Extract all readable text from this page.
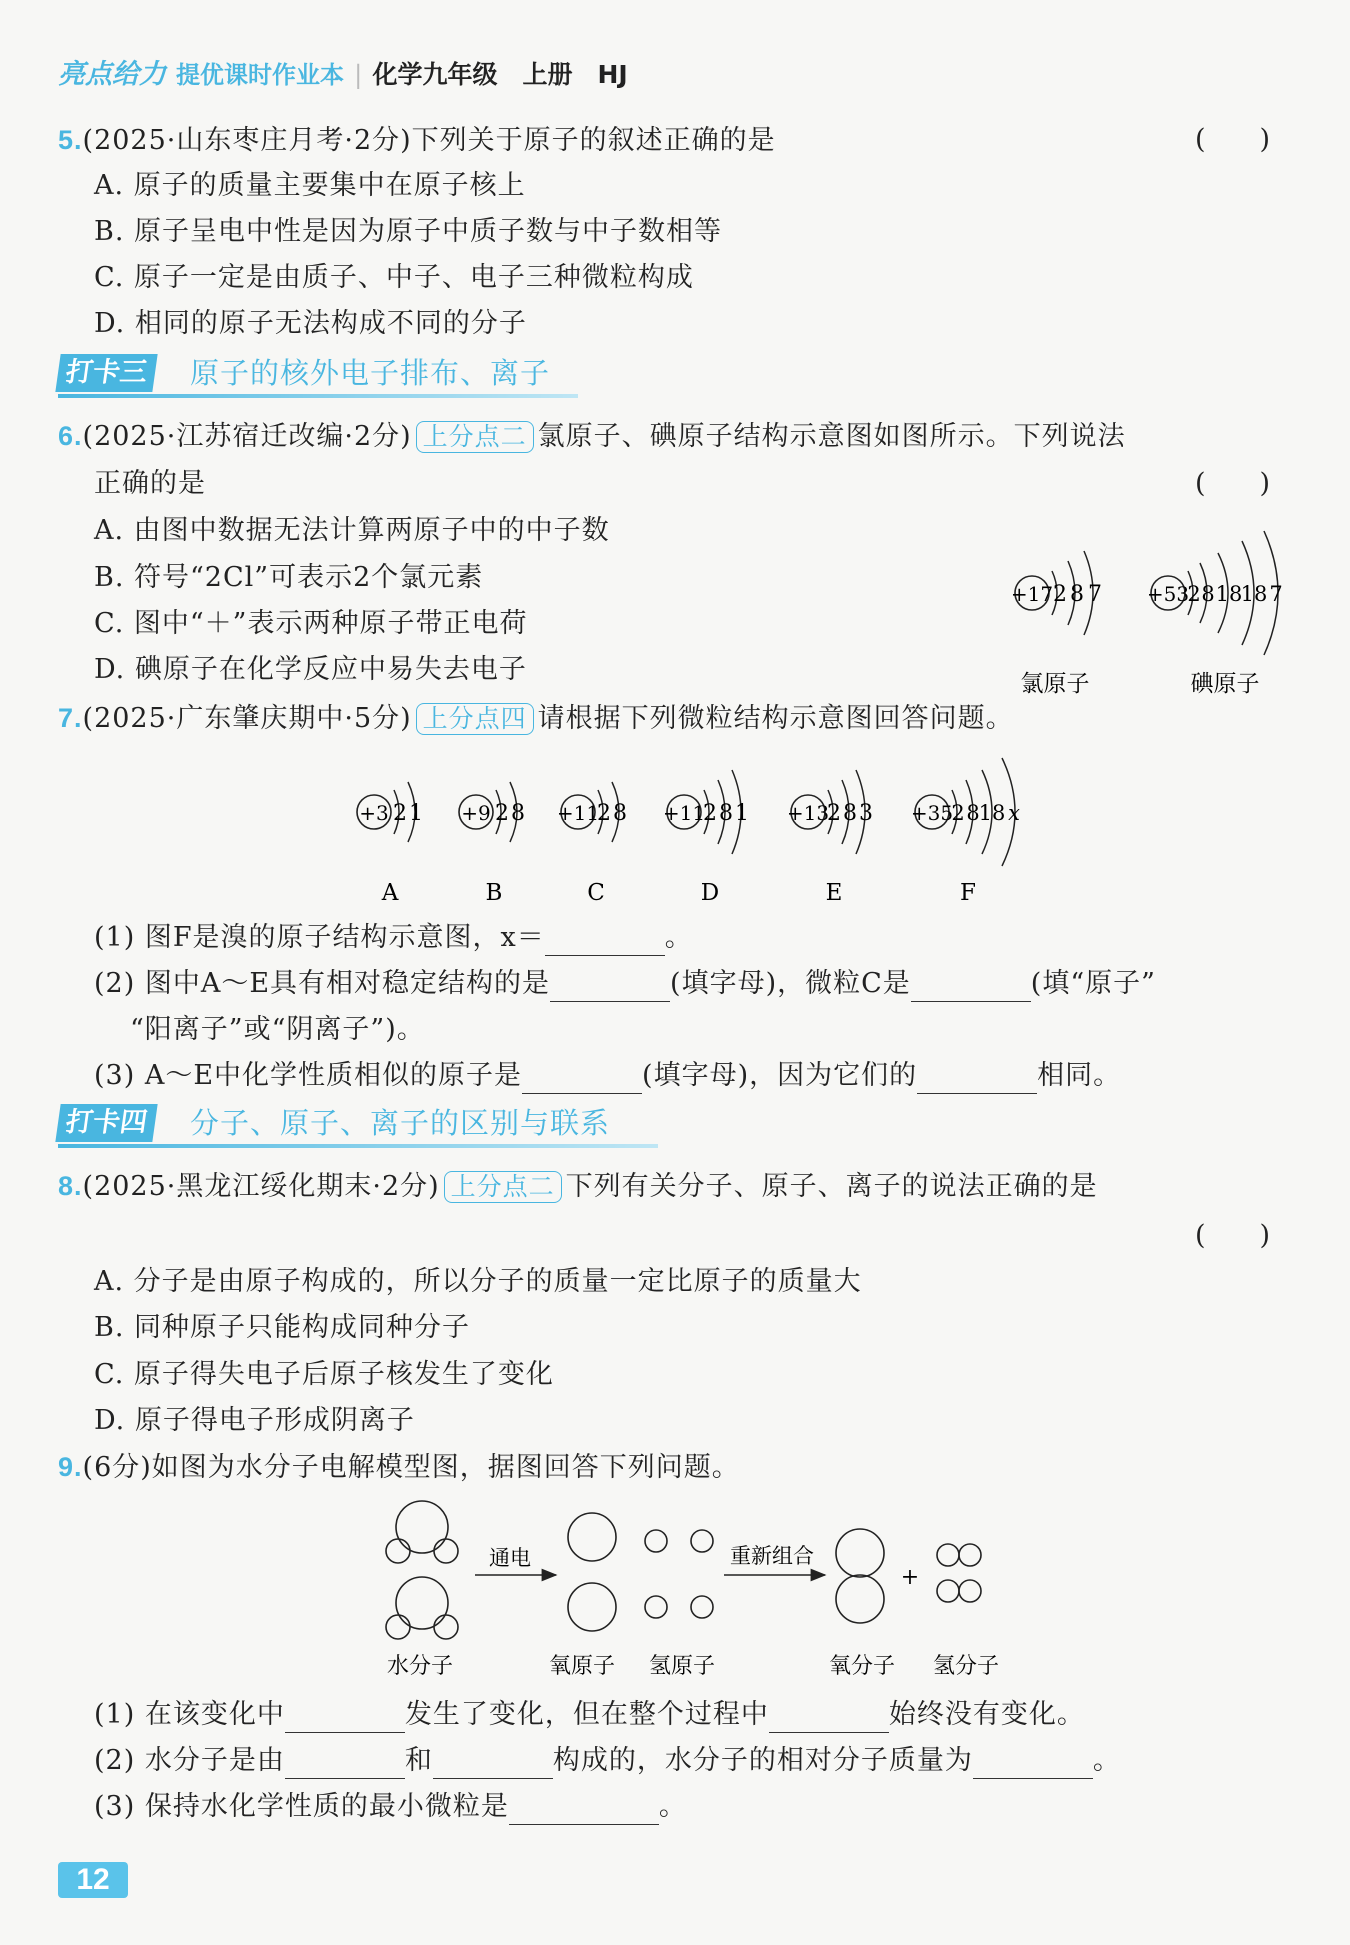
亮点给力 提优课时作业本 | 化学九年级　上册　HJ
5.(2025·山东枣庄月考·2分)下列关于原子的叙述正确的是	(　　)
A. 原子的质量主要集中在原子核上
B. 原子呈电中性是因为原子中质子数与中子数相等
C. 原子一定是由质子、中子、电子三种微粒构成
D. 相同的原子无法构成不同的分子
打卡三 原子的核外电子排布、离子
6.(2025·江苏宿迁改编·2分) 上分点二 氯原子、碘原子结构示意图如图所示。下列说法
正确的是	(　　)
A. 由图中数据无法计算两原子中的中子数
B. 符号“2Cl”可表示2个氯元素
C. 图中“＋”表示两种原子带正电荷
D. 碘原子在化学反应中易失去电子
+17 2 8 7
氯原子
+53
2 8 18
18 7
碘原子
7.(2025·广东肇庆期中·5分) 上分点四 请根据下列微粒结构示意图回答问题。
+3 2 1
A
+9 2 8
B
+11
2 8
C
+11
2 8 1
D
+13
2 8 3
E
+35
2 8
18 x
F
(1) 图F是溴的原子结构示意图，x＝	。
(2) 图中A～E具有相对稳定结构的是	(填字母)，微粒C是	(填“原子”
“阳离子”或“阴离子”)。
(3) A～E中化学性质相似的原子是	(填字母)，因为它们的	相同。
打卡四 分子、原子、离子的区别与联系
8.(2025·黑龙江绥化期末·2分) 上分点二 下列有关分子、原子、离子的说法正确的是
(　　)
A. 分子是由原子构成的，所以分子的质量一定比原子的质量大
B. 同种原子只能构成同种分子
C. 原子得失电子后原子核发生了变化
D. 原子得电子形成阴离子
9.(6分)如图为水分子电解模型图，据图回答下列问题。
水分子
通电
氧原子 氢原子
重新组合
氧分子
+
氢分子
(1) 在该变化中	发生了变化，但在整个过程中	始终没有变化。
(2) 水分子是由	和	构成的，水分子的相对分子质量为	。
(3) 保持水化学性质的最小微粒是	。
12
